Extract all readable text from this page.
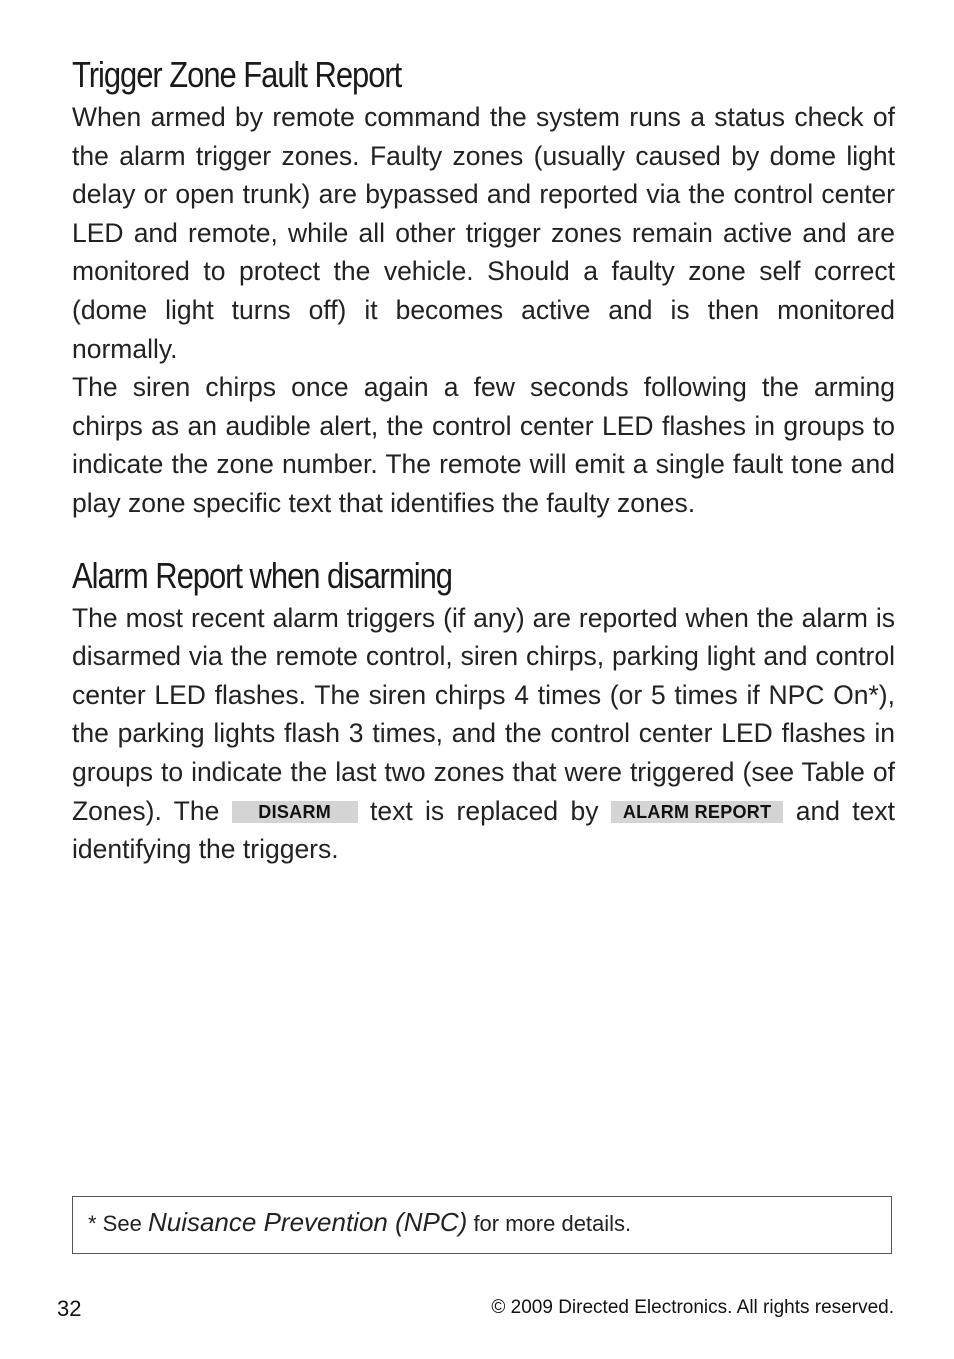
Trigger Zone Fault Report

When armed by remote command the system runs a status check of the alarm trigger zones. Faulty zones (usually caused by dome light delay or open trunk) are bypassed and reported via the control center LED and remote, while all other trigger zones remain active and are monitored to protect the vehicle. Should a faulty zone self correct (dome light turns off) it becomes active and is then monitored normally.

The siren chirps once again a few seconds following the arming chirps as an audible alert, the control center LED flashes in groups to indicate the zone number. The remote will emit a single fault tone and play zone specific text that identifies the faulty zones.

Alarm Report when disarming

The most recent alarm triggers (if any) are reported when the alarm is disarmed via the remote control, siren chirps, parking light and control center LED flashes. The siren chirps 4 times (or 5 times if NPC On*), the parking lights flash 3 times, and the control center LED flashes in groups to indicate the last two zones that were triggered (see Table of Zones). The DISARM text is replaced by ALARM REPORT and text identifying the triggers.

* See Nuisance Prevention (NPC) for more details.
32	© 2009 Directed Electronics. All rights reserved.
